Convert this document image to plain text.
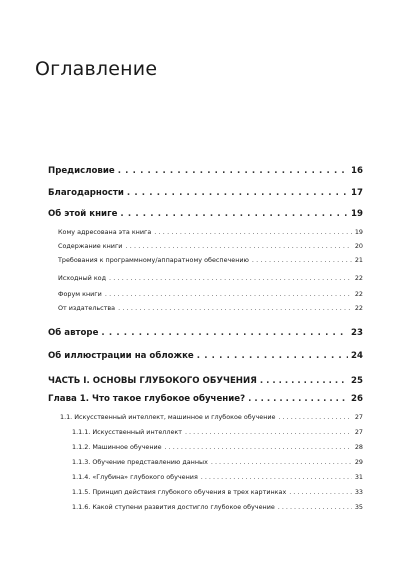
Оглавление
Предисловие . . .	16
Благодарности . . .	17
Об этой книге . . .	19
Кому адресована эта книга . . .	19
Содержание книги . . .	20
Требования к программному/аппаратному обеспечению . . .	21
Исходный код . . .	22
Форум книги . . .	22
От издательства . . .	22
Об авторе . . .	23
Об иллюстрации на обложке . . .	24
ЧАСТЬ I. ОСНОВЫ ГЛУБОКОГО ОБУЧЕНИЯ . . .	25
Глава 1. Что такое глубокое обучение? . . .	26
1.1. Искусственный интеллект, машинное и глубокое обучение . . .	27
1.1.1. Искусственный интеллект . . .	27
1.1.2. Машинное обучение . . .	28
1.1.3. Обучение представлению данных . . .	29
1.1.4. «Глубина» глубокого обучения . . .	31
1.1.5. Принцип действия глубокого обучения в трех картинках . . .	33
1.1.6. Какой ступени развития достигло глубокое обучение . . .	35
